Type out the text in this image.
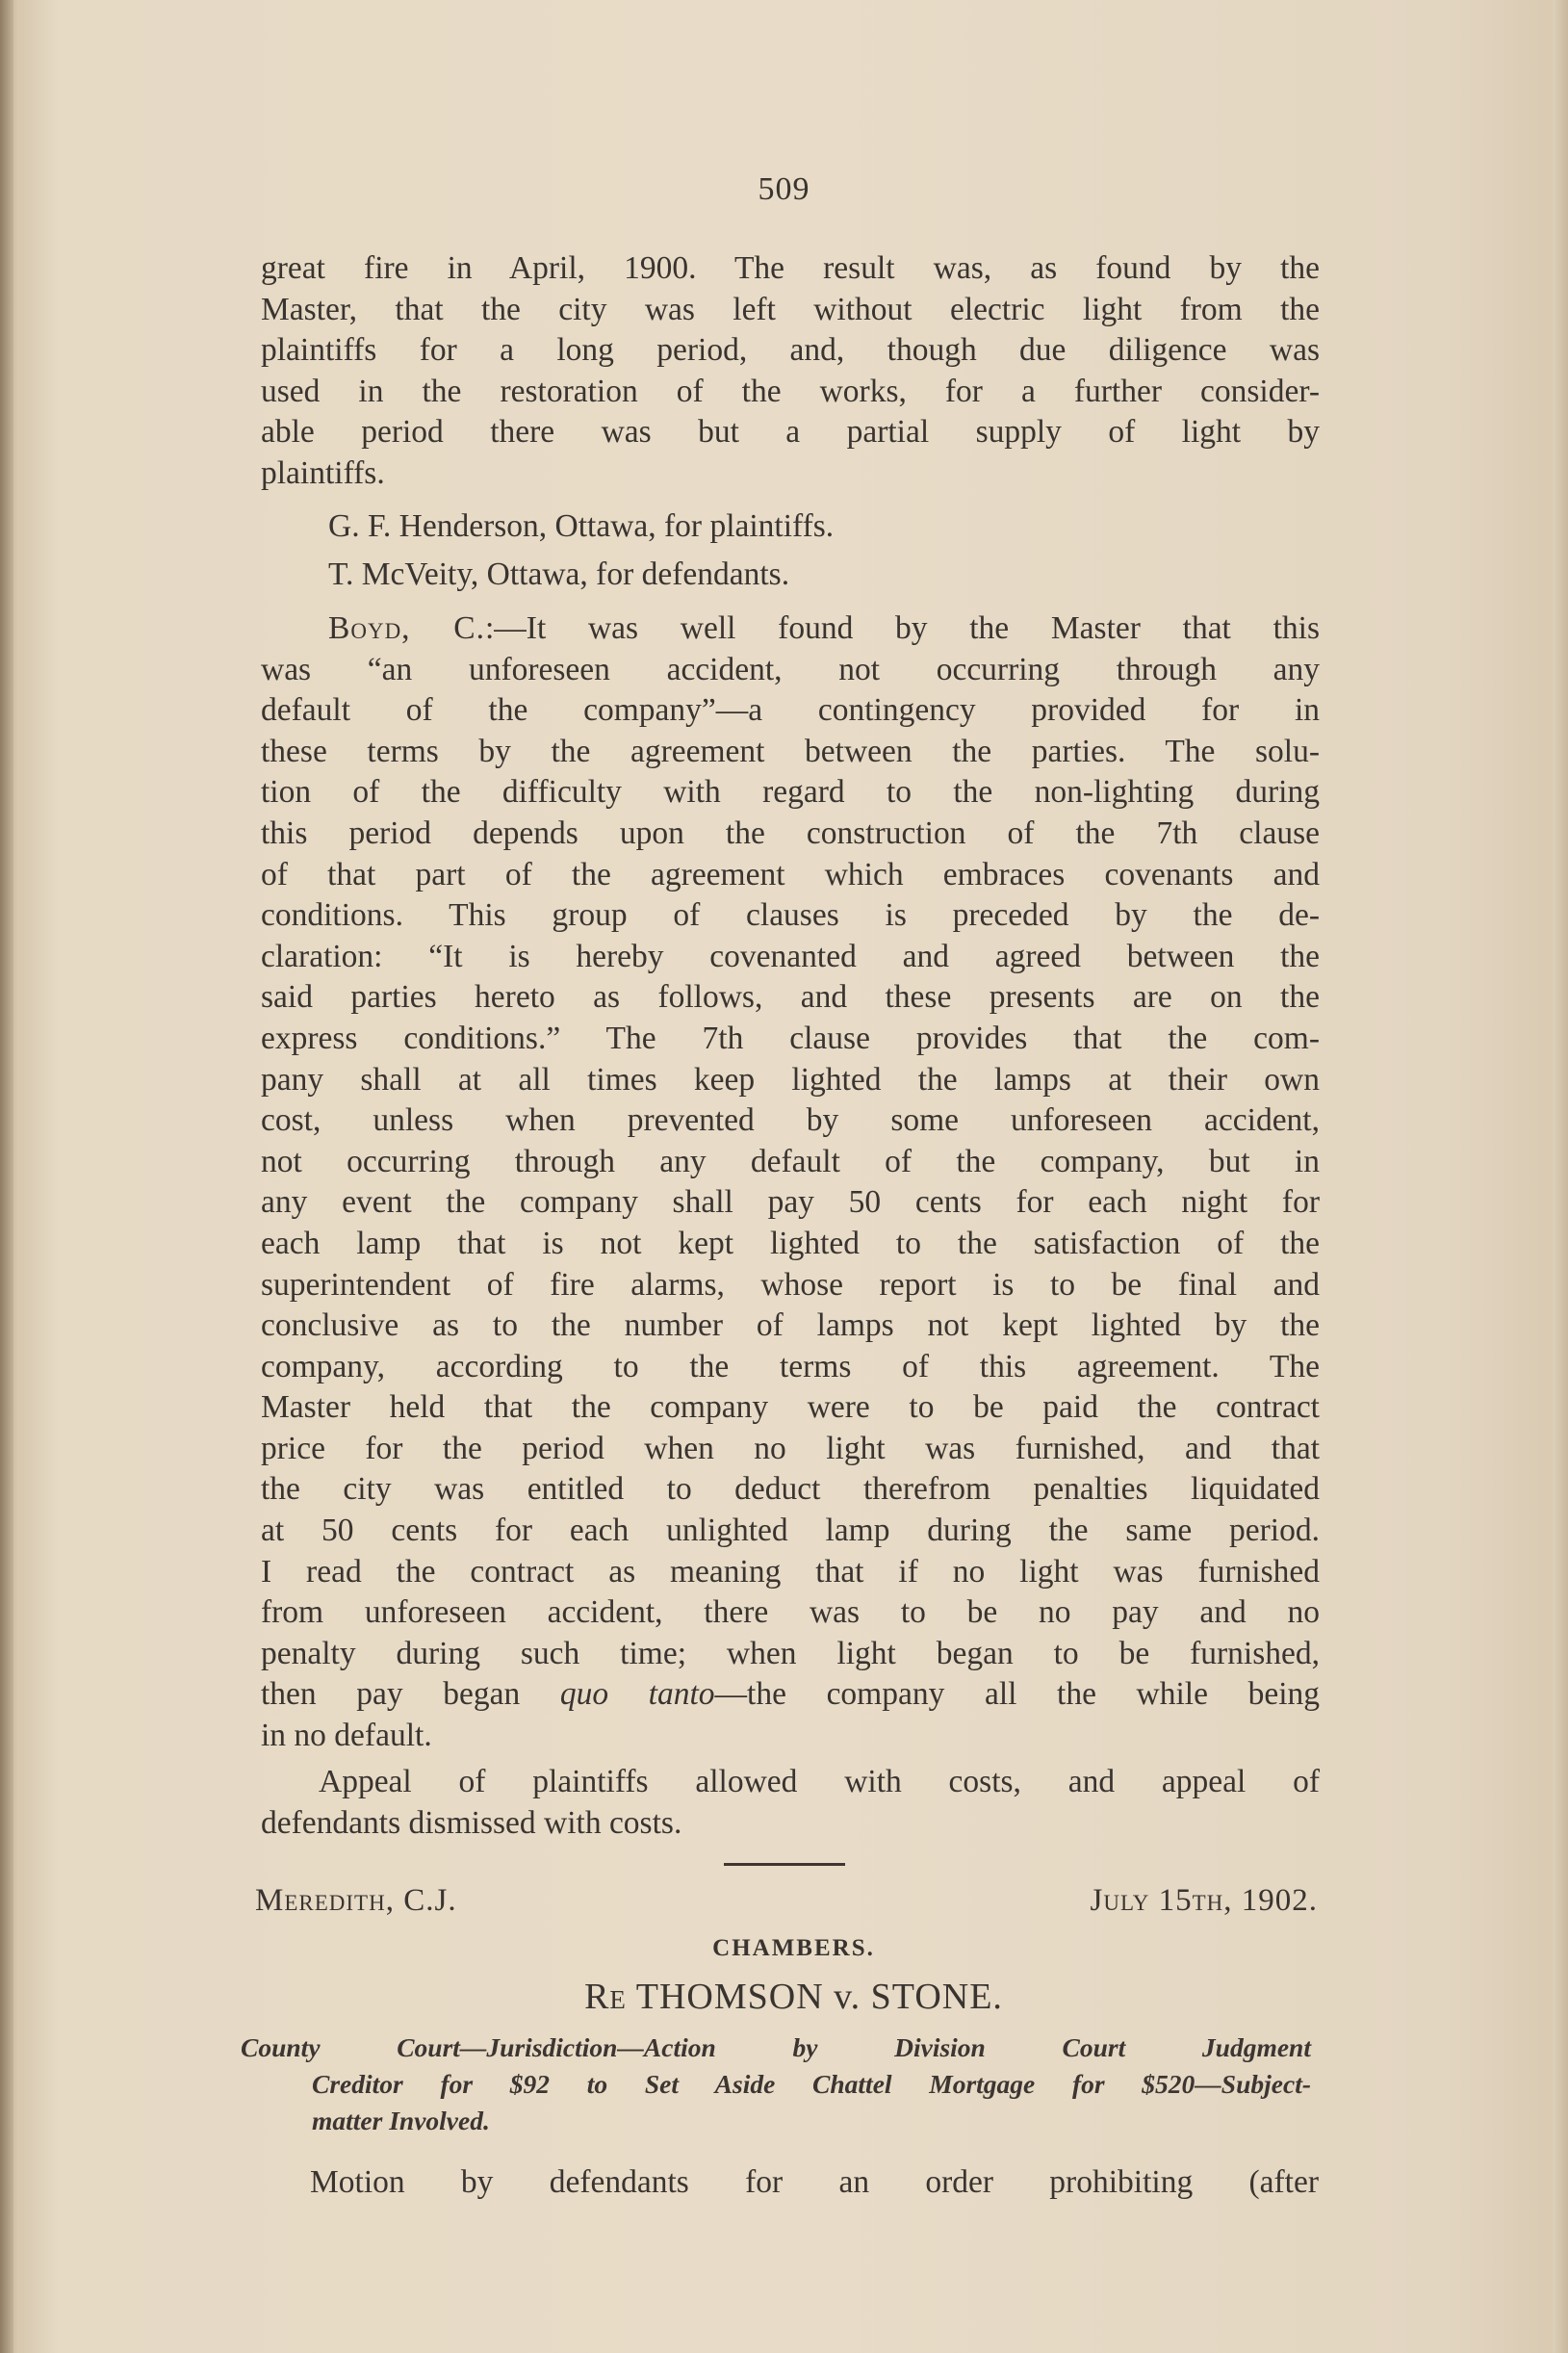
509

great fire in April, 1900. The result was, as found by the
Master, that the city was left without electric light from the
plaintiffs for a long period, and, though due diligence was
used in the restoration of the works, for a further consider-
able period there was but a partial supply of light by
plaintiffs.

G. F. Henderson, Ottawa, for plaintiffs.
T. McVeity, Ottawa, for defendants.

Boyd, C.:—It was well found by the Master that this
was “an unforeseen accident, not occurring through any
default of the company”—a contingency provided for in
these terms by the agreement between the parties. The solu-
tion of the difficulty with regard to the non-lighting during
this period depends upon the construction of the 7th clause
of that part of the agreement which embraces covenants and
conditions. This group of clauses is preceded by the de-
claration: “It is hereby covenanted and agreed between the
said parties hereto as follows, and these presents are on the
express conditions.” The 7th clause provides that the com-
pany shall at all times keep lighted the lamps at their own
cost, unless when prevented by some unforeseen accident,
not occurring through any default of the company, but in
any event the company shall pay 50 cents for each night for
each lamp that is not kept lighted to the satisfaction of the
superintendent of fire alarms, whose report is to be final and
conclusive as to the number of lamps not kept lighted by the
company, according to the terms of this agreement. The
Master held that the company were to be paid the contract
price for the period when no light was furnished, and that
the city was entitled to deduct therefrom penalties liquidated
at 50 cents for each unlighted lamp during the same period.
I read the contract as meaning that if no light was furnished
from unforeseen accident, there was to be no pay and no
penalty during such time; when light began to be furnished,
then pay began quo tanto—the company all the while being
in no default.

Appeal of plaintiffs allowed with costs, and appeal of
defendants dismissed with costs.

Meredith, C.J.	July 15th, 1902.
CHAMBERS.
Re THOMSON v. STONE.
County Court—Jurisdiction—Action by Division Court Judgment
Creditor for $92 to Set Aside Chattel Mortgage for $520—Subject-
matter Involved.

Motion by defendants for an order prohibiting (after
